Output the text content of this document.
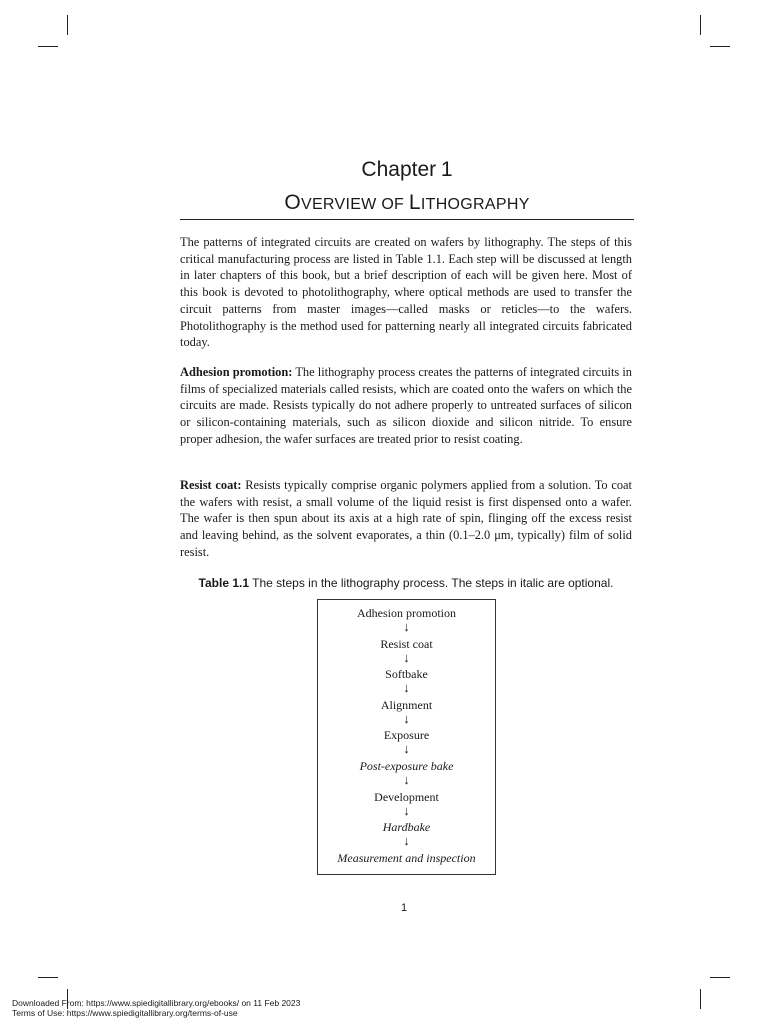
Chapter 1
OVERVIEW OF LITHOGRAPHY

The patterns of integrated circuits are created on wafers by lithography. The steps of this critical manufacturing process are listed in Table 1.1. Each step will be discussed at length in later chapters of this book, but a brief description of each will be given here. Most of this book is devoted to photolithography, where optical methods are used to transfer the circuit patterns from master images—called masks or reticles—to the wafers. Photolithography is the method used for patterning nearly all integrated circuits fabricated today.

Adhesion promotion: The lithography process creates the patterns of integrated circuits in films of specialized materials called resists, which are coated onto the wafers on which the circuits are made. Resists typically do not adhere properly to untreated surfaces of silicon or silicon-containing materials, such as silicon dioxide and silicon nitride. To ensure proper adhesion, the wafer surfaces are treated prior to resist coating.

Resist coat: Resists typically comprise organic polymers applied from a solution. To coat the wafers with resist, a small volume of the liquid resist is first dispensed onto a wafer. The wafer is then spun about its axis at a high rate of spin, flinging off the excess resist and leaving behind, as the solvent evaporates, a thin (0.1–2.0 μm, typically) film of solid resist.

Table 1.1 The steps in the lithography process. The steps in italic are optional.
Adhesion promotion
↓
Resist coat
↓
Softbake
↓
Alignment
↓
Exposure
↓
Post-exposure bake
↓
Development
↓
Hardbake
↓
Measurement and inspection
1
Downloaded From: https://www.spiedigitallibrary.org/ebooks/ on 11 Feb 2023
Terms of Use: https://www.spiedigitallibrary.org/terms-of-use
